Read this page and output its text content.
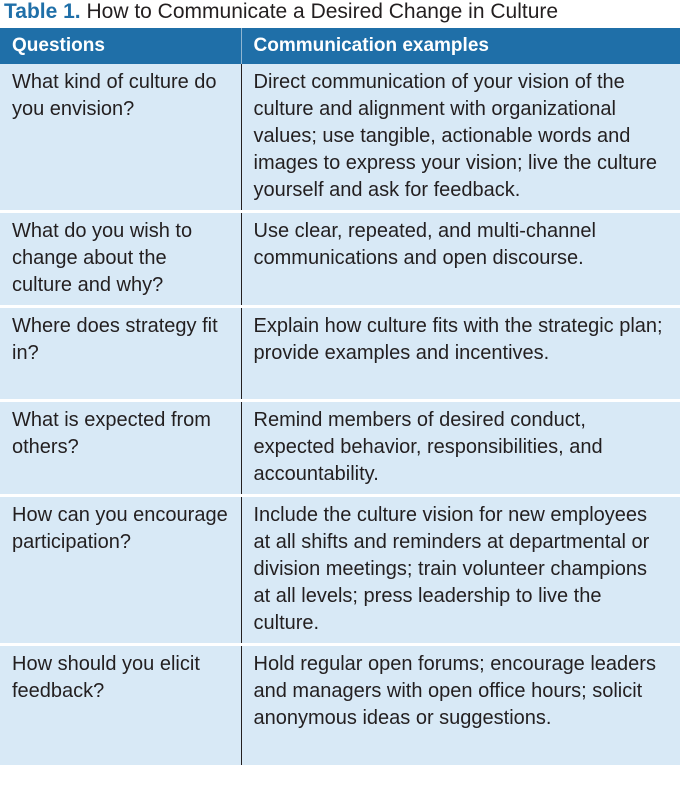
Table 1. How to Communicate a Desired Change in Culture
Questions	Communication examples
What kind of culture do you envision?	Direct communication of your vision of the culture and alignment with organizational values; use tangible, actionable words and images to express your vision; live the culture yourself and ask for feedback.
What do you wish to change about the culture and why?	Use clear, repeated, and multi-channel communications and open discourse.
Where does strategy fit in?	Explain how culture fits with the strategic plan; provide examples and incentives.
What is expected from others?	Remind members of desired conduct, expected behavior, responsibilities, and accountability.
How can you encourage participation?	Include the culture vision for new employees at all shifts and reminders at departmental or division meetings; train volunteer champions at all levels; press leadership to live the culture.
How should you elicit feedback?	Hold regular open forums; encourage leaders and managers with open office hours; solicit anonymous ideas or suggestions.
